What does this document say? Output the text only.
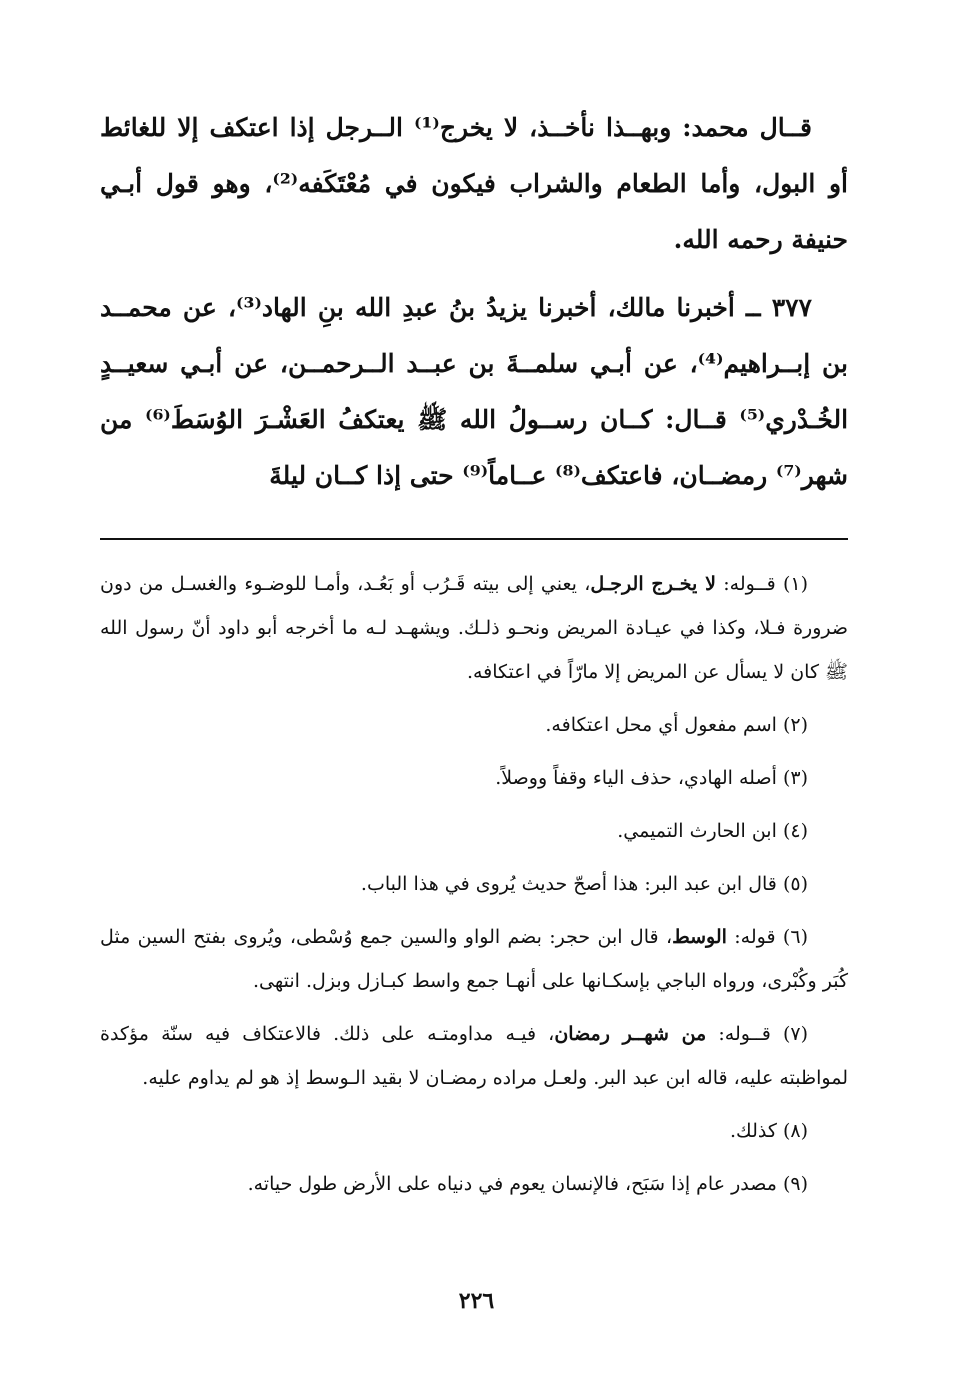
قــال محمد: وبهــذا نأخــذ، لا يخرج⁽¹⁾ الــرجل إذا اعتكف إلا للغائط أو البول، وأما الطعام والشراب فيكون في مُعْتَكَفه⁽²⁾، وهو قول أبـي حنيفة رحمه الله.

٣٧٧ ــ أخبرنا مالك، أخبرنا يزيدُ بنُ عبدِ الله بنِ الهاد⁽³⁾، عن محمــد بن إبــراهيم⁽⁴⁾، عن أبـي سلمــةَ بن عبــد الــرحمــن، عن أبـي سعيــدٍ الخُـدْري⁽⁵⁾ قــال: كــان رســولُ الله ﷺ يعتكفُ العَشْـرَ الوُسَطَ⁽⁶⁾ من شهر⁽⁷⁾ رمضــان، فاعتكف⁽⁸⁾ عــاماً⁽⁹⁾ حتى إذا كــان ليلةَ

(١) قــوله: لا يخـرج الرجـل، يعني إلى بيته قَـرُب أو بَعُـد، وأمـا للوضـوء والغسـل من دون ضرورة فـلا، وكذا في عيـادة المريض ونحـو ذلـك. ويشهـد لـه ما أخرجه أبو داود أنّ رسول الله ﷺ كان لا يسأل عن المريض إلا مارّاً في اعتكافه.

(٢) اسم مفعول أي محل اعتكافه.

(٣) أصله الهادي، حذف الياء وقفاً ووصلاً.

(٤) ابن الحارث التميمي.

(٥) قال ابن عبد البر: هذا أصحّ حديث يُروى في هذا الباب.

(٦) قوله: الوسط، قال ابن حجر: بضم الواو والسين جمع وُسْطى، ويُروى بفتح السين مثل كُبَر وكُبْرى، ورواه الباجي بإسكـانها على أنهـا جمع واسط كبـازل وبزل. انتهى.

(٧) قــوله: من شهــر رمضان، فيـه مداومتـه على ذلك. فالاعتكاف فيه سنّة مؤكدة لمواظبته عليه، قاله ابن عبد البر. ولعـل مراده رمضـان لا بقيد الـوسط إذ هو لم يداوم عليه.

(٨) كذلك.

(٩) مصدر عام إذا سَبَح، فالإنسان يعوم في دنياه على الأرض طول حياته.

٢٢٦
